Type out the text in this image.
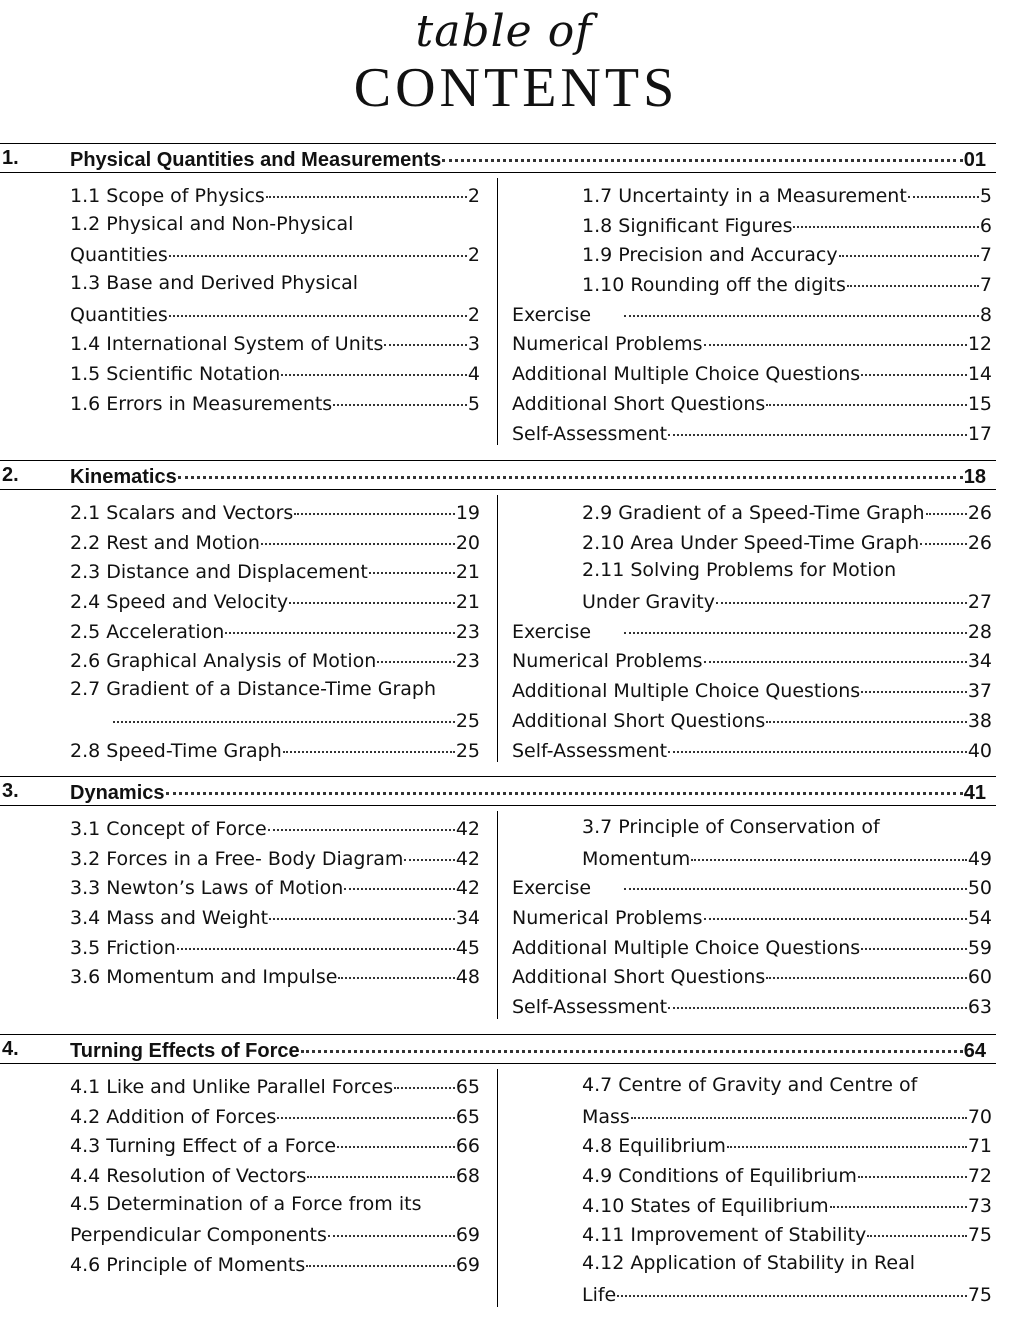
table of
CONTENTS
1.	Physical Quantities and Measurements	01
1.1 Scope of Physics	2
1.2 Physical and Non-Physical
Quantities	2
1.3 Base and Derived Physical
Quantities	2
1.4 International System of Units	3
1.5 Scientific Notation	4
1.6 Errors in Measurements	5
1.7 Uncertainty in a Measurement	5
1.8 Significant Figures	6
1.9 Precision and Accuracy	7
1.10 Rounding off the digits	7
Exercise	8
Numerical Problems	12
Additional Multiple Choice Questions	14
Additional Short Questions	15
Self-Assessment	17
2.	Kinematics	18
2.1 Scalars and Vectors	19
2.2 Rest and Motion	20
2.3 Distance and Displacement	21
2.4 Speed and Velocity	21
2.5 Acceleration	23
2.6 Graphical Analysis of Motion	23
2.7 Gradient of a Distance-Time Graph
25
2.8 Speed-Time Graph	25
2.9 Gradient of a Speed-Time Graph 26
2.10 Area Under Speed-Time Graph	26
2.11 Solving Problems for Motion
Under Gravity	27
Exercise	28
Numerical Problems	34
Additional Multiple Choice Questions	37
Additional Short Questions	38
Self-Assessment	40
3.	Dynamics	41
3.1 Concept of Force	42
3.2 Forces in a Free- Body Diagram	42
3.3 Newton’s Laws of Motion	42
3.4 Mass and Weight	34
3.5 Friction	45
3.6 Momentum and Impulse	48
3.7 Principle of Conservation of
Momentum	49
Exercise	50
Numerical Problems	54
Additional Multiple Choice Questions	59
Additional Short Questions	60
Self-Assessment	63
4.	Turning Effects of Force	64
4.1 Like and Unlike Parallel Forces	65
4.2 Addition of Forces	65
4.3 Turning Effect of a Force	66
4.4 Resolution of Vectors	68
4.5 Determination of a Force from its
Perpendicular Components	69
4.6 Principle of Moments	69
4.7 Centre of Gravity and Centre of
Mass	70
4.8 Equilibrium	71
4.9 Conditions of Equilibrium	72
4.10 States of Equilibrium	73
4.11 Improvement of Stability	75
4.12 Application of Stability in Real
Life	75
